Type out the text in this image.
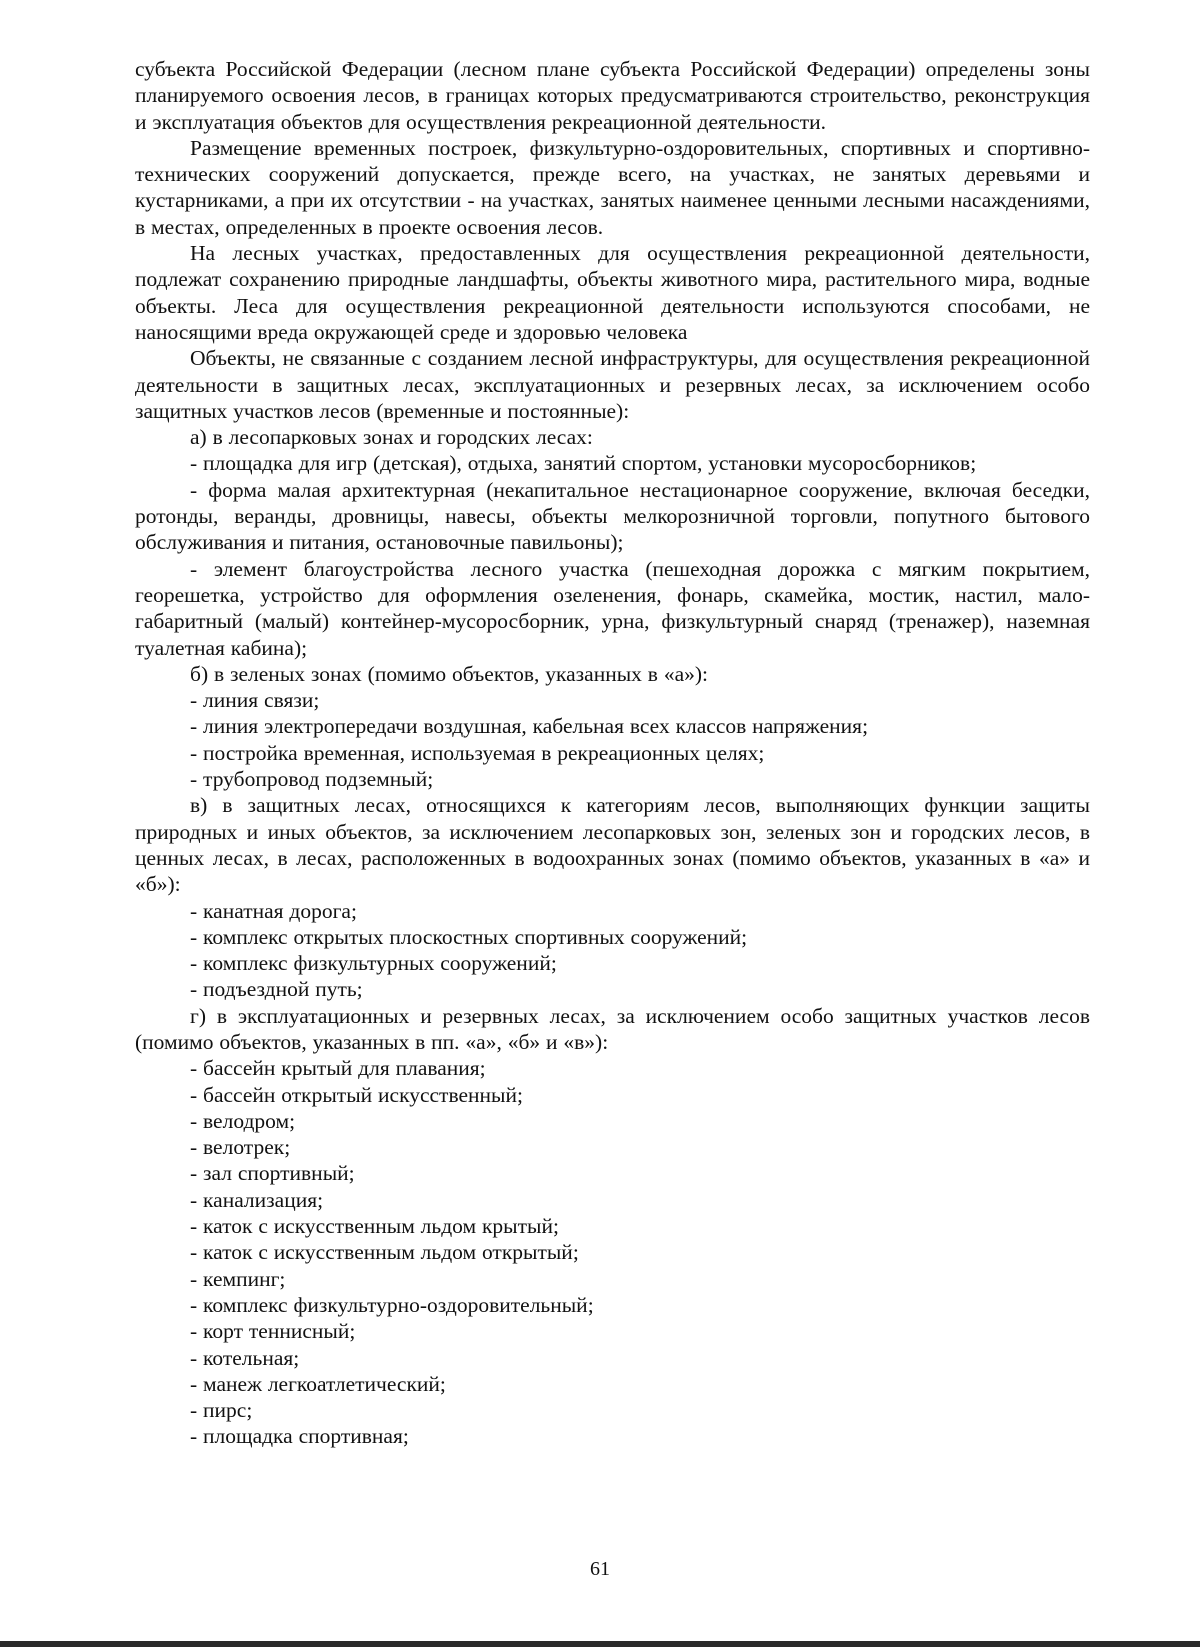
субъекта Российской Федерации (лесном плане субъекта Российской Федерации) определены зоны планируемого освоения лесов, в границах которых предусматриваются строительство, реконструкция и эксплуатация объектов для осуществления рекреационной деятельности.

Размещение временных построек, физкультурно-оздоровительных, спортивных и спортивно-технических сооружений допускается, прежде всего, на участках, не занятых деревьями и кустарниками, а при их отсутствии - на участках, занятых наименее ценными лесными насаждениями, в местах, определенных в проекте освоения лесов.

На лесных участках, предоставленных для осуществления рекреационной деятельности, подлежат сохранению природные ландшафты, объекты животного мира, растительного мира, водные объекты. Леса для осуществления рекреационной деятельности используются способами, не наносящими вреда окружающей среде и здоровью человека

Объекты, не связанные с созданием лесной инфраструктуры, для осуществления рекреационной деятельности в защитных лесах, эксплуатационных и резервных лесах, за исключением особо защитных участков лесов (временные и постоянные):

а) в лесопарковых зонах и городских лесах:

- площадка для игр (детская), отдыха, занятий спортом, установки мусоросборников;

- форма малая архитектурная (некапитальное нестационарное сооружение, включая беседки, ротонды, веранды, дровницы, навесы, объекты мелкорозничной торговли, попутного бытового обслуживания и питания, остановочные павильоны);

- элемент благоустройства лесного участка (пешеходная дорожка с мягким покрытием, георешетка, устройство для оформления озеленения, фонарь, скамейка, мостик, настил, малогабаритный (малый) контейнер-мусоросборник, урна, физкультурный снаряд (тренажер), наземная туалетная кабина);

б) в зеленых зонах (помимо объектов, указанных в «а»):

- линия связи;

- линия электропередачи воздушная, кабельная всех классов напряжения;

- постройка временная, используемая в рекреационных целях;

- трубопровод подземный;

в) в защитных лесах, относящихся к категориям лесов, выполняющих функции защиты природных и иных объектов, за исключением лесопарковых зон, зеленых зон и городских лесов, в ценных лесах, в лесах, расположенных в водоохранных зонах (помимо объектов, указанных в «а» и «б»):

- канатная дорога;

- комплекс открытых плоскостных спортивных сооружений;

- комплекс физкультурных сооружений;

- подъездной путь;

г) в эксплуатационных и резервных лесах, за исключением особо защитных участков лесов (помимо объектов, указанных в пп. «а», «б» и «в»):

- бассейн крытый для плавания;

- бассейн открытый искусственный;

- велодром;

- велотрек;

- зал спортивный;

- канализация;

- каток с искусственным льдом крытый;

- каток с искусственным льдом открытый;

- кемпинг;

- комплекс физкультурно-оздоровительный;

- корт теннисный;

- котельная;

- манеж легкоатлетический;

- пирс;

- площадка спортивная;

61
